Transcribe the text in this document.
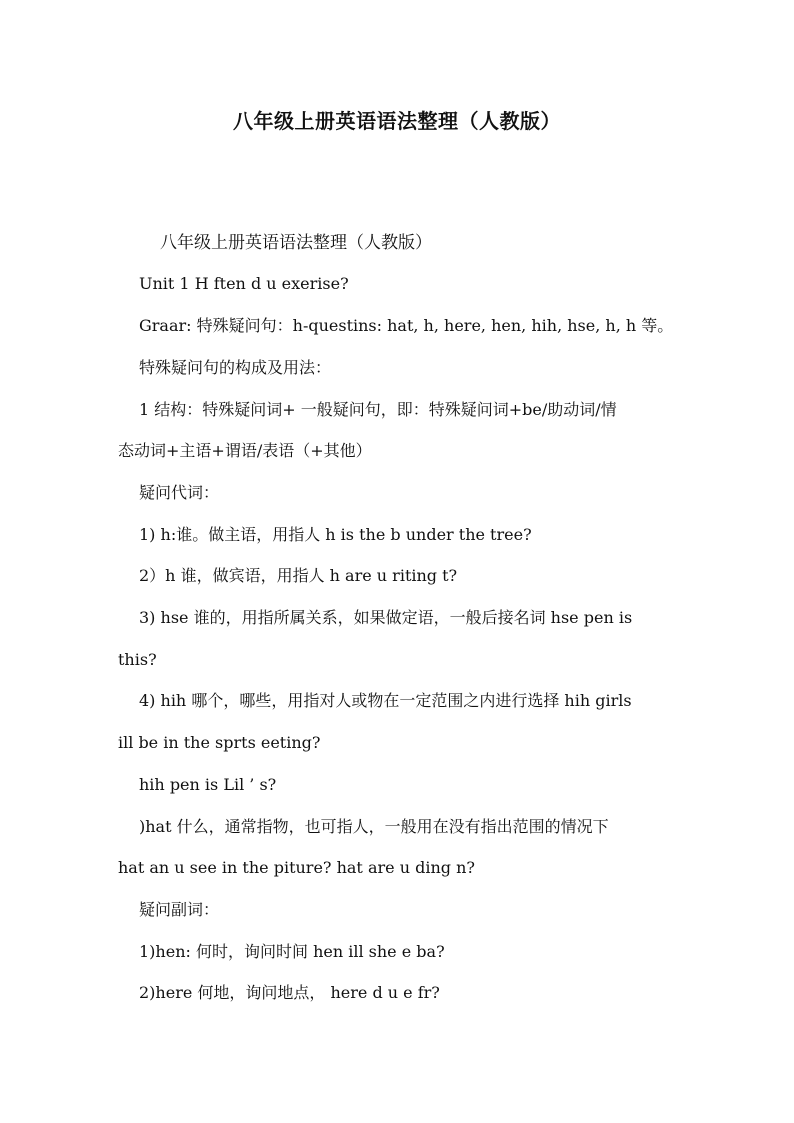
八年级上册英语语法整理（人教版）

八年级上册英语语法整理（人教版）

Unit 1 H ften d u exerise?

Graar: 特殊疑问句：h-questins: hat, h, here, hen, hih, hse, h, h 等。

特殊疑问句的构成及用法：

1 结构：特殊疑问词+ 一般疑问句，即：特殊疑问词+be/助动词/情

态动词+主语+谓语/表语（+其他）

疑问代词：

1) h:谁。做主语，用指人 h is the b under the tree?

2）h 谁，做宾语，用指人 h are u riting t?

3) hse 谁的，用指所属关系，如果做定语，一般后接名词 hse pen is

this?

4) hih 哪个，哪些，用指对人或物在一定范围之内进行选择 hih girls

ill be in the sprts eeting?

hih pen is Lil ’ s?

)hat 什么，通常指物，也可指人，一般用在没有指出范围的情况下

hat an u see in the piture? hat are u ding n?

疑问副词：

1)hen: 何时，询问时间 hen ill she e ba?

2)here 何地，询问地点， here d u e fr?
